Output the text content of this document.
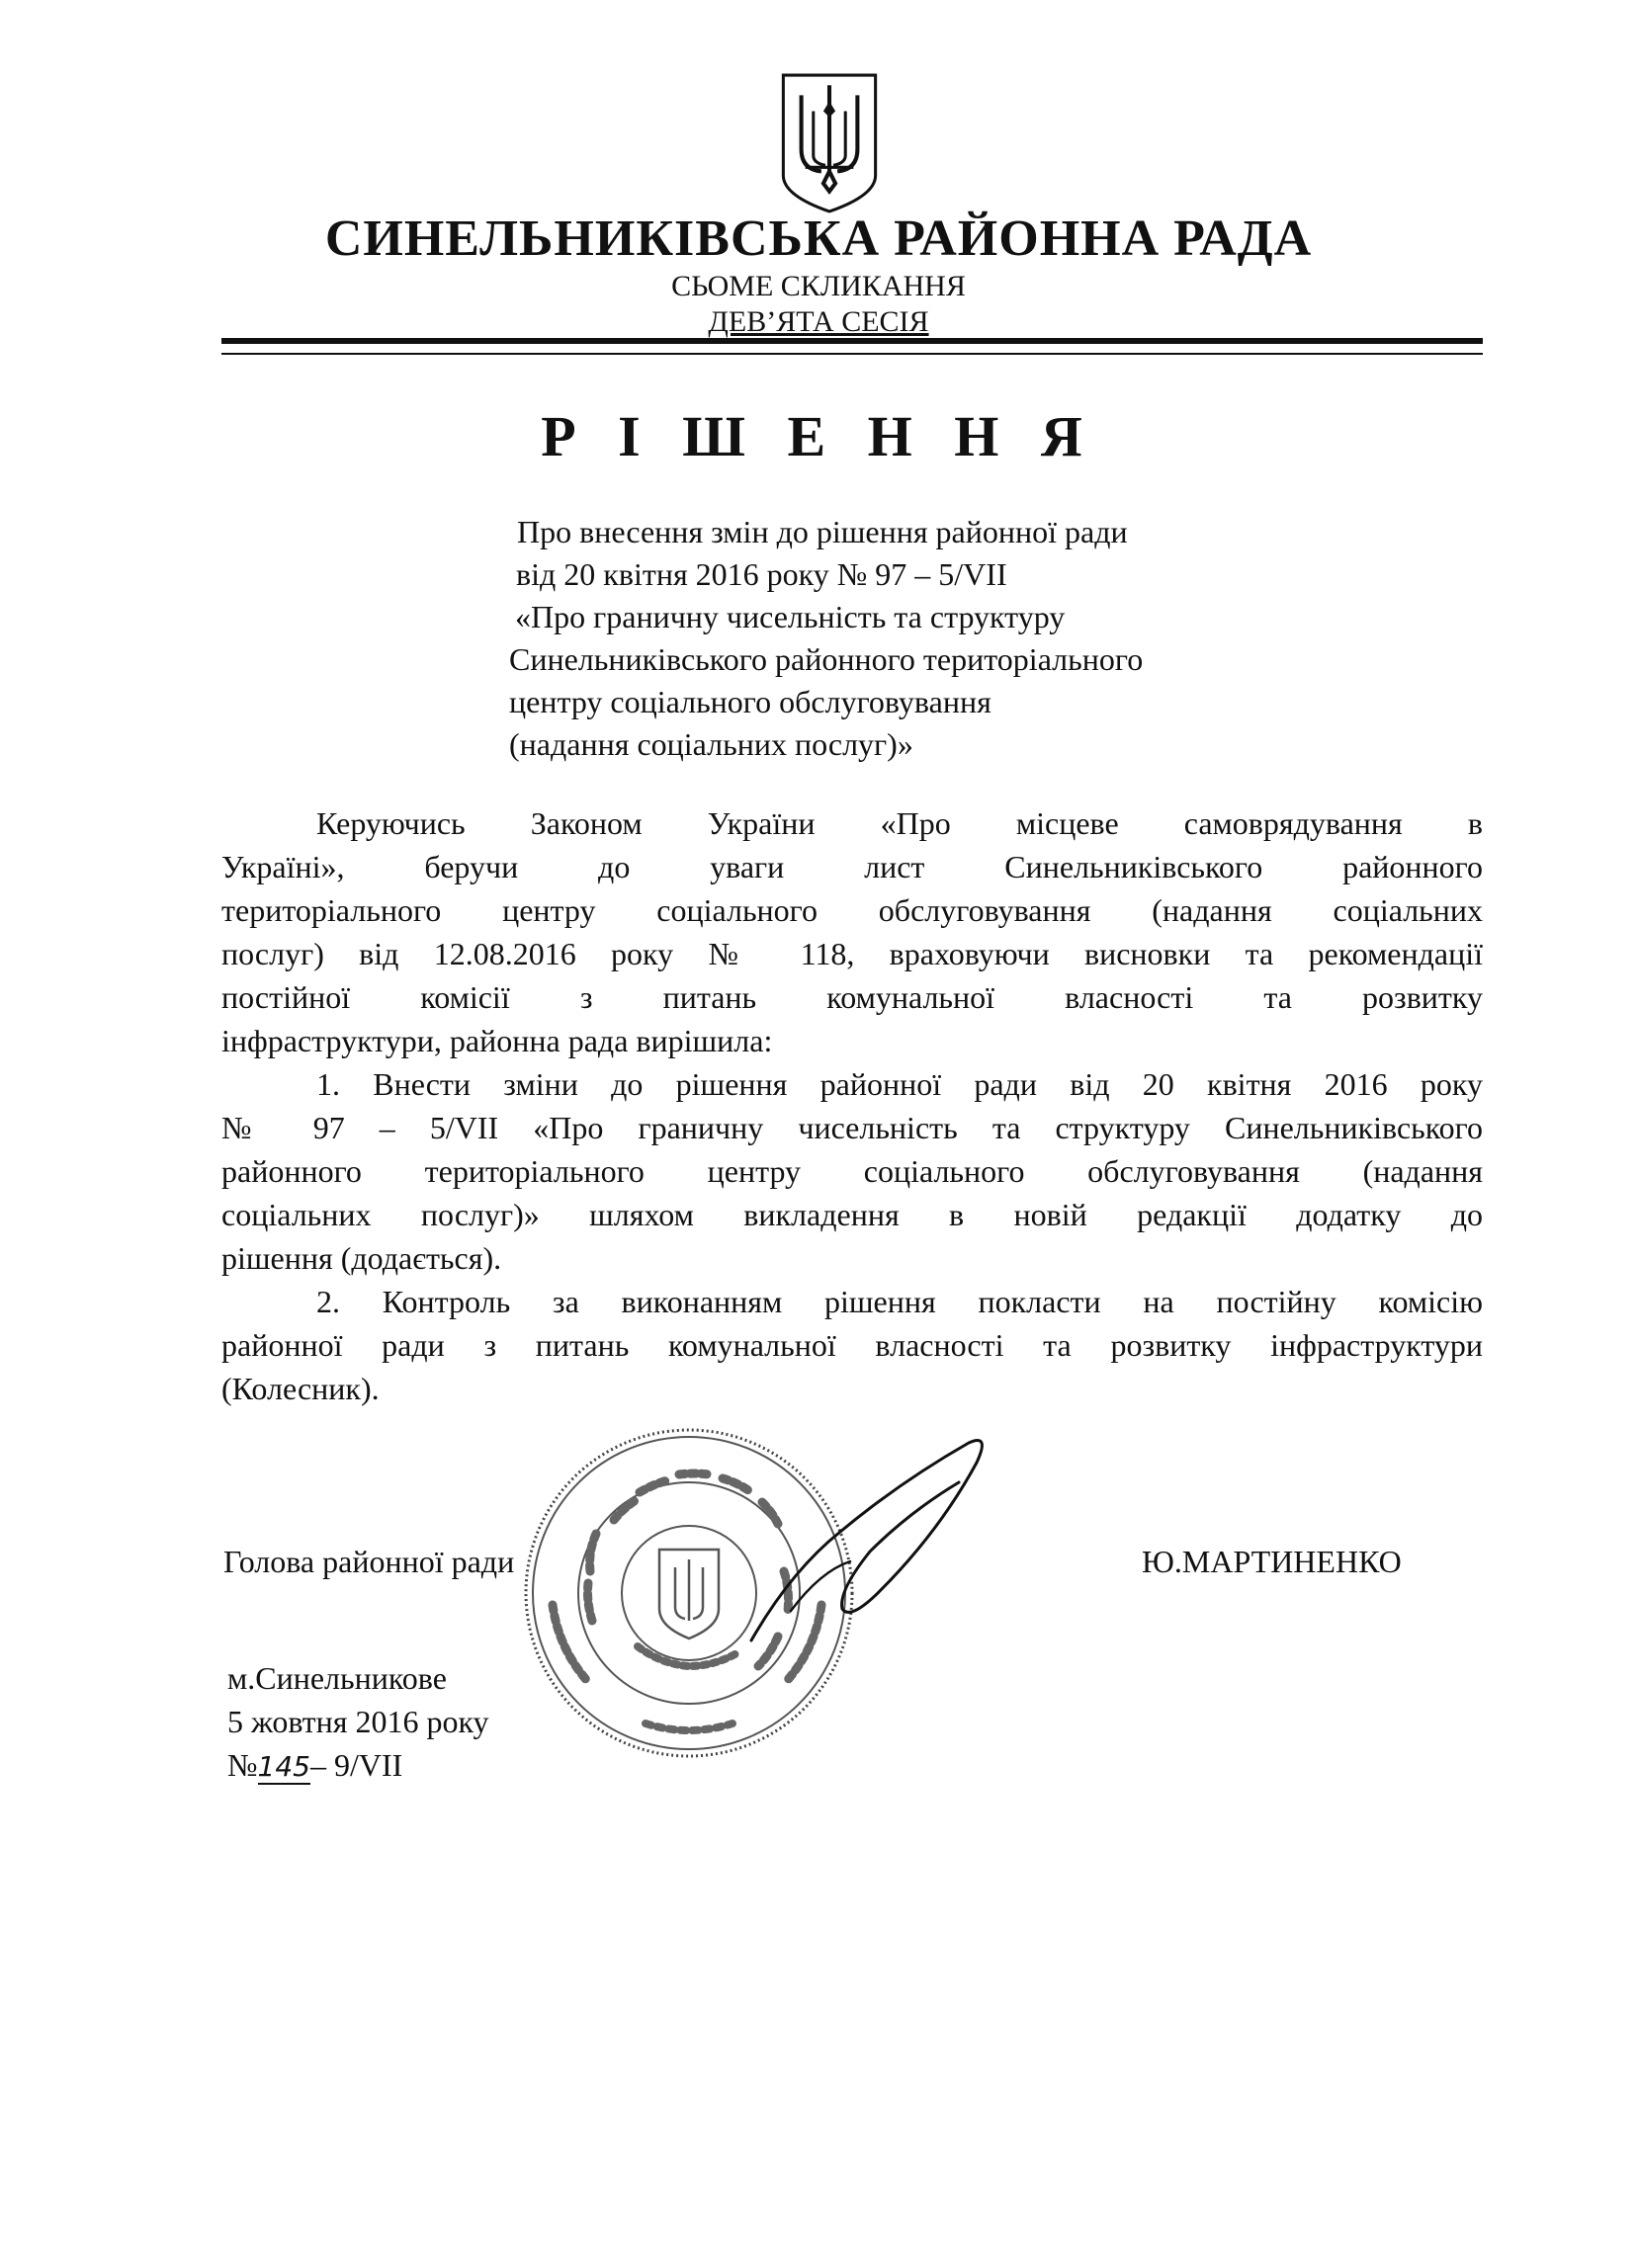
СИНЕЛЬНИКІВСЬКА РАЙОННА РАДА
СЬОМЕ СКЛИКАННЯ
ДЕВ’ЯТА СЕСІЯ
Р І Ш Е Н Н Я
Про внесення змін до рішення районної ради
від 20 квітня 2016 року № 97 – 5/VII
«Про граничну чисельність та структуру
Синельниківського районного територіального
центру соціального обслуговування
(надання соціальних послуг)»
Керуючись Законом України «Про місцеве самоврядування в
Україні», беручи до уваги лист Синельниківського районного
територіального центру соціального обслуговування (надання соціальних
послуг) від 12.08.2016 року № 118, враховуючи висновки та рекомендації
постійної комісії з питань комунальної власності та розвитку
інфраструктури, районна рада вирішила:
1. Внести зміни до рішення районної ради від 20 квітня 2016 року
№ 97 – 5/VII «Про граничну чисельність та структуру Синельниківського
районного територіального центру соціального обслуговування (надання
соціальних послуг)» шляхом викладення в новій редакції додатку до
рішення (додається).
2. Контроль за виконанням рішення покласти на постійну комісію
районної ради з питань комунальної власності та розвитку інфраструктури
(Колесник).
Голова районної ради	Ю.МАРТИНЕНКО
м.Синельникове
5 жовтня 2016 року
№145– 9/VII
